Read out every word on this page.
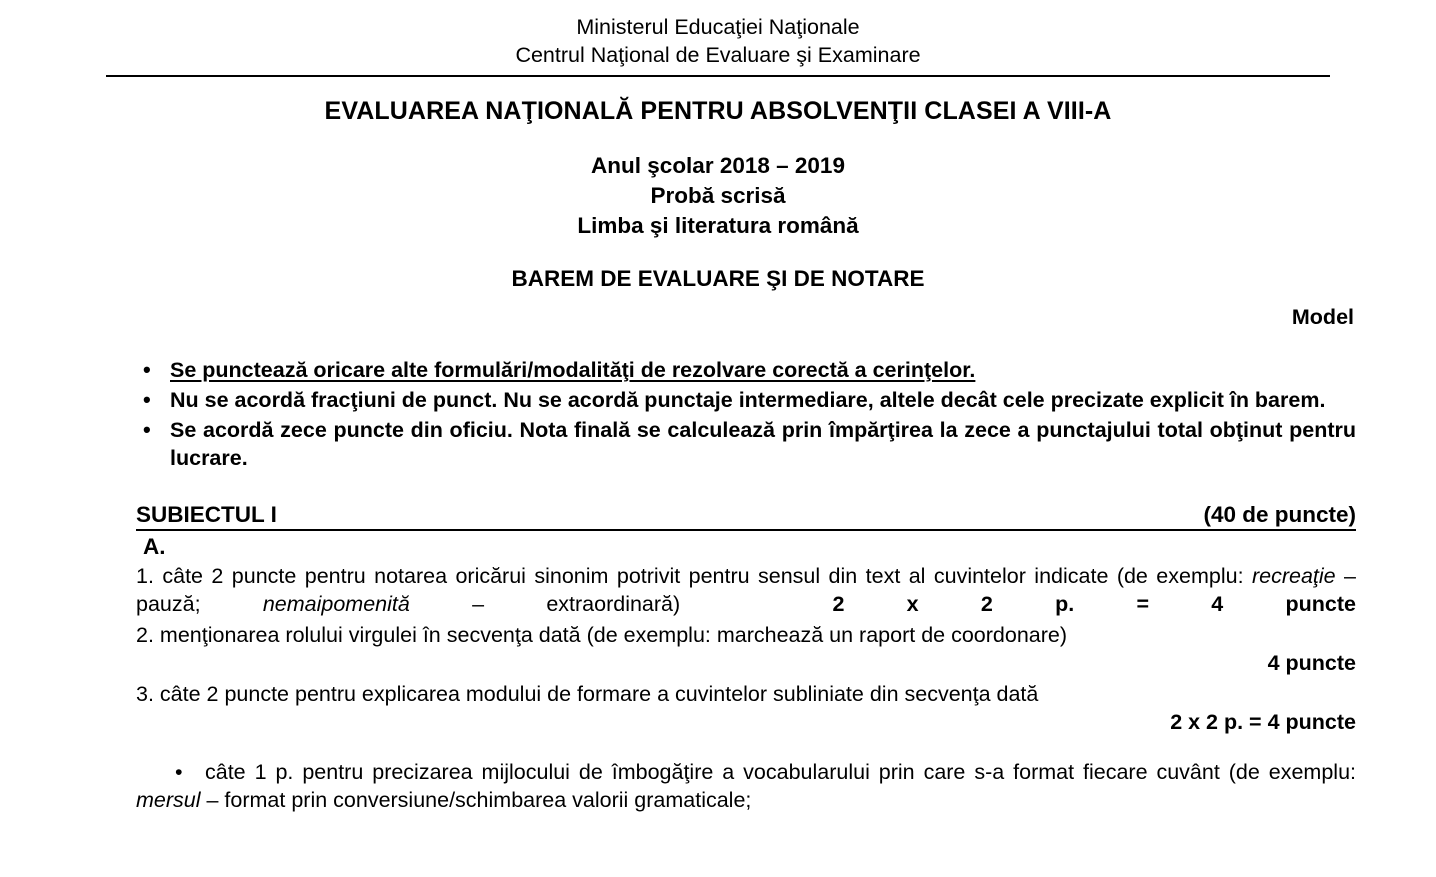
Ministerul Educaţiei Naţionale
Centrul Naţional de Evaluare şi Examinare
EVALUAREA NAŢIONALĂ PENTRU ABSOLVENŢII CLASEI A VIII-A
Anul şcolar 2018 – 2019
Probă scrisă
Limba şi literatura română
BAREM DE EVALUARE ŞI DE NOTARE
Model
• Se punctează oricare alte formulări/modalităţi de rezolvare corectă a cerinţelor.
• Nu se acordă fracţiuni de punct. Nu se acordă punctaje intermediare, altele decât cele precizate explicit în barem.
• Se acordă zece puncte din oficiu. Nota finală se calculează prin împărţirea la zece a punctajului total obţinut pentru lucrare.
SUBIECTUL I	(40 de puncte)
A.
1. câte 2 puncte pentru notarea oricărui sinonim potrivit pentru sensul din text al cuvintelor indicate (de exemplu: recreaţie – pauză; nemaipomenită – extraordinară)	2 x 2 p. = 4 puncte
2. menţionarea rolului virgulei în secvenţa dată (de exemplu: marchează un raport de coordonare)
4 puncte
3. câte 2 puncte pentru explicarea modului de formare a cuvintelor subliniate din secvenţa dată
2 x 2 p. = 4 puncte
• câte 1 p. pentru precizarea mijlocului de îmbogăţire a vocabularului prin care s-a format fiecare cuvânt (de exemplu: mersul – format prin conversiune/schimbarea valorii gramaticale;
